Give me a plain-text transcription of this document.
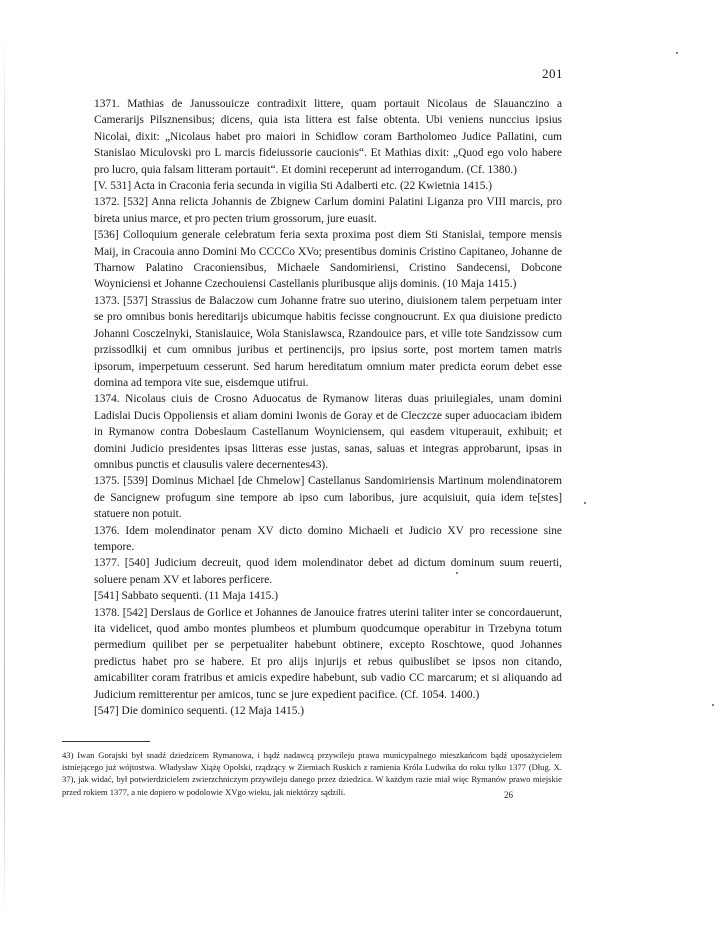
201

1371. Mathias de Janussouicze contradixit littere, quam portauit Nicolaus de Slauanczino a Camerarijs Pilsznensibus; dicens, quia ista littera est false obtenta. Ubi veniens nunccius ipsius Nicolai, dixit: „Nicolaus habet pro maiori in Schidlow coram Bartholomeo Judice Pallatini, cum Stanislao Miculovski pro L marcis fideiussorie caucionis“. Et Mathias dixit: „Quod ego volo habere pro lucro, quia falsam litteram portauit“. Et domini receperunt ad interrogandum. (Cf. 1380.)

[V. 531] Acta in Craconia feria secunda in vigilia Sti Adalberti etc. (22 Kwietnia 1415.)

1372. [532] Anna relicta Johannis de Zbignew Carlum domini Palatini Liganza pro VIII marcis, pro bireta unius marce, et pro pecten trium grossorum, jure euasit.

[536] Colloquium generale celebratum feria sexta proxima post diem Sti Stanislai, tempore mensis Maij, in Cracouia anno Domini Mo CCCCo XVo; presentibus dominis Cristino Capitaneo, Johanne de Tharnow Palatino Craconiensibus, Michaele Sandomiriensi, Cristino Sandecensi, Dobcone Woyniciensi et Johanne Czechouiensi Castellanis pluribusque alijs dominis. (10 Maja 1415.)

1373. [537] Strassius de Balaczow cum Johanne fratre suo uterino, diuisionem talem perpetuam inter se pro omnibus bonis hereditarijs ubicumque habitis fecisse congnoucrunt. Ex qua diuisione predicto Johanni Cosczelnyki, Stanislauice, Wola Stanislawsca, Rzandouice pars, et ville tote Sandzissow cum przissodlkij et cum omnibus juribus et pertinencijs, pro ipsius sorte, post mortem tamen matris ipsorum, imperpetuum cesserunt. Sed harum hereditatum omnium mater predicta eorum debet esse domina ad tempora vite sue, eisdemque utifrui.

1374. Nicolaus ciuis de Crosno Aduocatus de Rymanow literas duas priuilegiales, unam domini Ladislai Ducis Oppoliensis et aliam domini Iwonis de Goray et de Cleczcze super aduocaciam ibidem in Rymanow contra Dobeslaum Castellanum Woyniciensem, qui easdem vituperauit, exhibuit; et domini Judicio presidentes ipsas litteras esse justas, sanas, saluas et integras approbarunt, ipsas in omnibus punctis et clausulis valere decernentes43).

1375. [539] Dominus Michael [de Chmelow] Castellanus Sandomiriensis Martinum molendinatorem de Sancignew profugum sine tempore ab ipso cum laboribus, jure acquisiuit, quia idem te[stes] statuere non potuit.

1376. Idem molendinator penam XV dicto domino Michaeli et Judicio XV pro recessione sine tempore.

1377. [540] Judicium decreuit, quod idem molendinator debet ad dictum dominum suum reuerti, soluere penam XV et labores perficere.

[541] Sabbato sequenti. (11 Maja 1415.)

1378. [542] Derslaus de Gorlice et Johannes de Janouice fratres uterini taliter inter se concordauerunt, ita videlicet, quod ambo montes plumbeos et plumbum quodcumque operabitur in Trzebyna totum permedium quilibet per se perpetualiter habebunt obtinere, excepto Roschtowe, quod Johannes predictus habet pro se habere. Et pro alijs injurijs et rebus quibuslibet se ipsos non citando, amicabiliter coram fratribus et amicis expedire habebunt, sub vadio CC marcarum; et si aliquando ad Judicium remitterentur per amicos, tunc se jure expedient pacifice. (Cf. 1054. 1400.)

[547] Die dominico sequenti. (12 Maja 1415.)

43) Iwan Gorajski był snadź dziedzicem Rymanowa, i bądź nadawcą przywileju prawa municypalnego mieszkańcom bądź uposażycielem istniejącego już wójtostwa. Władysław Xiążę Opolski, rządzący w Ziemiach Ruskich z ramienia Króla Ludwika do roku tylko 1377 (Dług. X. 37), jak widać, był potwierdzicielem zwierzchniczym przywileju danego przez dziedzica. W każdym razie miał więc Rymanów prawo miejskie przed rokiem 1377, a nie dopiero w podolowie XVgo wieku, jak niektórzy sądzili.	26
